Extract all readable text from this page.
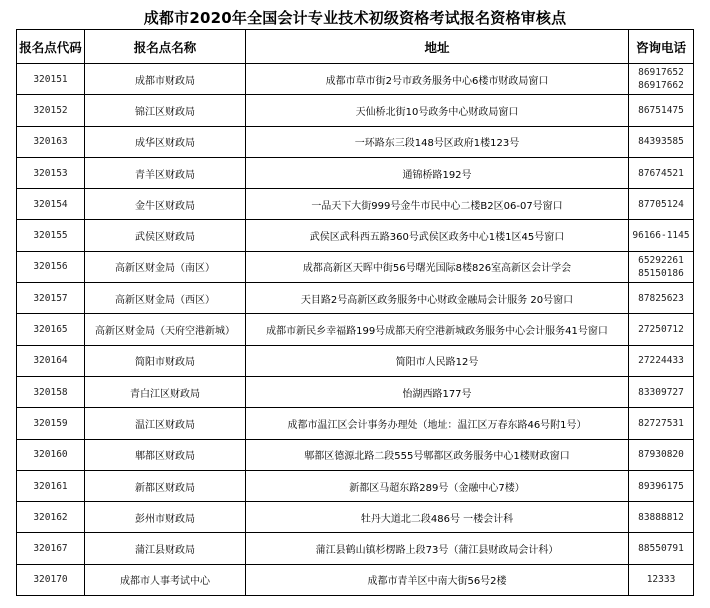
成都市2020年全国会计专业技术初级资格考试报名资格审核点
报名点代码	报名点名称	地址	咨询电话
320151	成都市财政局	成都市草市街2号市政务服务中心6楼市财政局窗口	86917652
86917662

320152	锦江区财政局	天仙桥北街10号政务中心财政局窗口	86751475

320163	成华区财政局	一环路东三段148号区政府1楼123号	84393585

320153	青羊区财政局	通锦桥路192号	87674521

320154	金牛区财政局	一品天下大街999号金牛市民中心二楼B2区06-07号窗口	87705124

320155	武侯区财政局	武侯区武科西五路360号武侯区政务中心1楼1区45号窗口	96166-1145

320156	高新区财金局（南区）	成都高新区天晖中街56号曙光国际8楼826室高新区会计学会	65292261
85150186

320157	高新区财金局（西区）	天目路2号高新区政务服务中心财政金融局会计服务 20号窗口	87825623

320165	高新区财金局（天府空港新城）	成都市新民乡幸福路199号成都天府空港新城政务服务中心会计服务41号窗口	27250712

320164	简阳市财政局	简阳市人民路12号	27224433

320158	青白江区财政局	怡湖西路177号	83309727

320159	温江区财政局	成都市温江区会计事务办理处（地址：温江区万春东路46号附1号）	82727531

320160	郫都区财政局	郫都区德源北路二段555号郫都区政务服务中心1楼财政窗口	87930820

320161	新都区财政局	新都区马超东路289号（金融中心7楼）	89396175

320162	彭州市财政局	牡丹大道北二段486号 一楼会计科	83888812

320167	蒲江县财政局	蒲江县鹤山镇杉楞路上段73号（蒲江县财政局会计科）	88550791

320170	成都市人事考试中心	成都市青羊区中南大街56号2楼	12333
